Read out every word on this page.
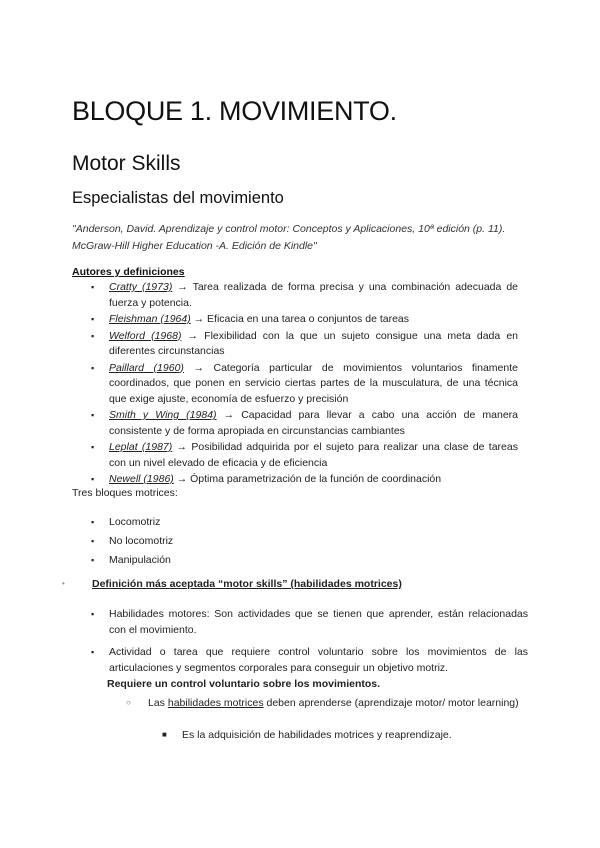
BLOQUE 1. MOVIMIENTO.
Motor Skills
Especialistas del movimiento
"Anderson, David. Aprendizaje y control motor: Conceptos y Aplicaciones, 10ª edición (p. 11). McGraw-Hill Higher Education -A. Edición de Kindle"
Autores y definiciones
▪ Cratty (1973) → Tarea realizada de forma precisa y una combinación adecuada de fuerza y potencia.
▪ Fleishman (1964) → Eficacia en una tarea o conjuntos de tareas
▪ Welford (1968) → Flexibilidad con la que un sujeto consigue una meta dada en diferentes circunstancias
▪ Paillard (1960) → Categoría particular de movimientos voluntarios finamente coordinados, que ponen en servicio ciertas partes de la musculatura, de una técnica que exige ajuste, economía de esfuerzo y precisión
▪ Smith y Wing (1984) → Capacidad para llevar a cabo una acción de manera consistente y de forma apropiada en circunstancias cambiantes
▪ Leplat (1987) → Posibilidad adquirida por el sujeto para realizar una clase de tareas con un nivel elevado de eficacia y de eficiencia
▪ Newell (1986) → Óptima parametrización de la función de coordinación
Tres bloques motrices:
▪ Locomotriz
▪ No locomotriz
▪ Manipulación
•	Definición más aceptada “motor skills” (habilidades motrices)
▪ Habilidades motores: Son actividades que se tienen que aprender, están relacionadas con el movimiento.
▪ Actividad o tarea que requiere control voluntario sobre los movimientos de las articulaciones y segmentos corporales para conseguir un objetivo motriz.
Requiere un control voluntario sobre los movimientos.
○	Las habilidades motrices deben aprenderse (aprendizaje motor/ motor learning)
■ Es la adquisición de habilidades motrices y reaprendizaje.
